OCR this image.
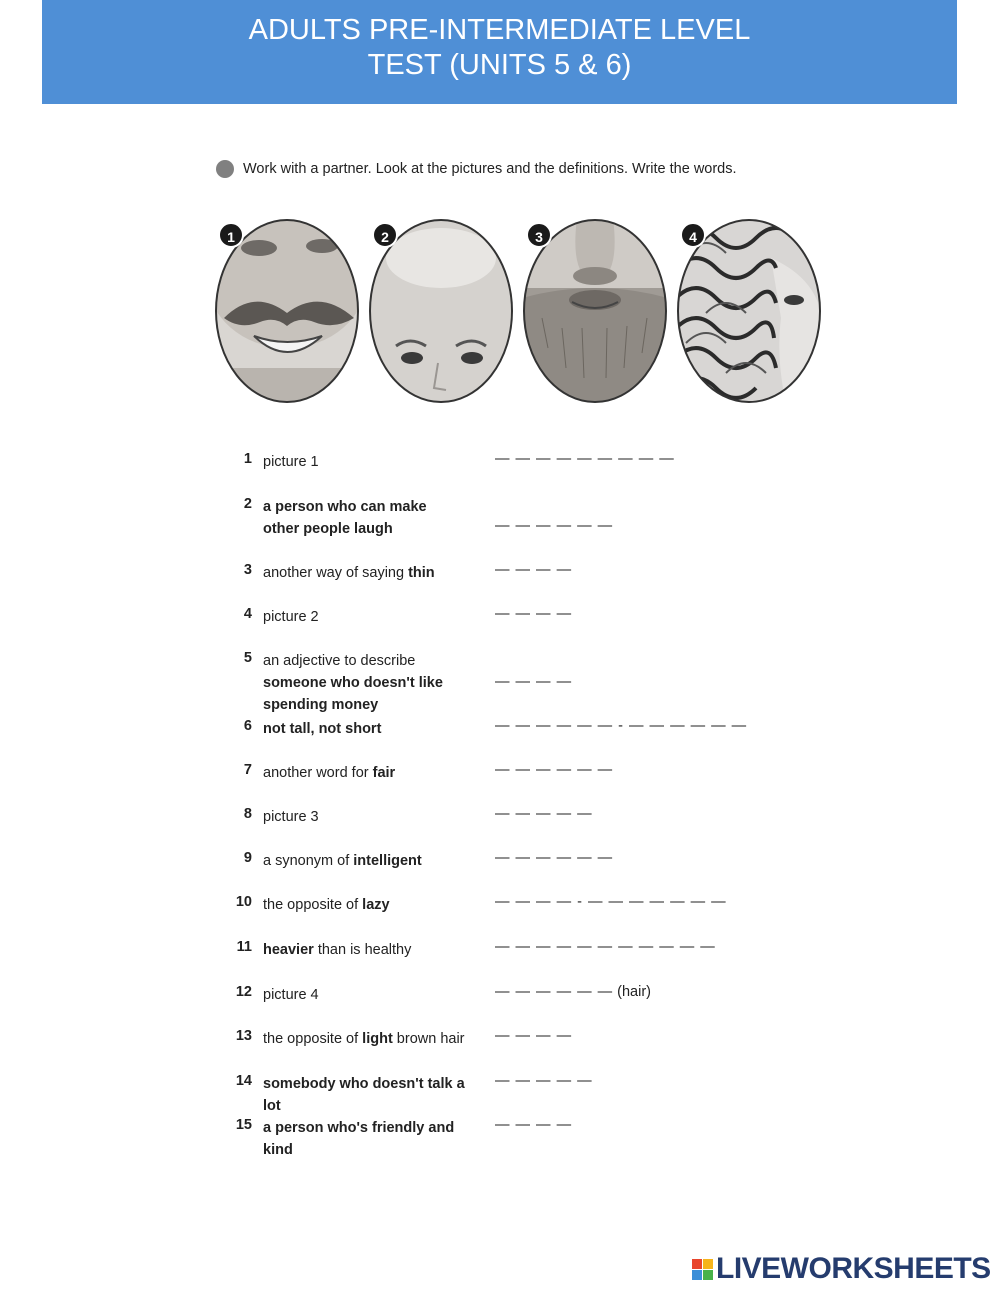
ADULTS PRE-INTERMEDIATE LEVEL
TEST (UNITS 5 & 6)
Work with a partner. Look at the pictures and the definitions. Write the words.
1	2	3	4
1 picture 1	— — — — — — — — —
2 a person who can make other people laugh	— — — — — —
3 another way of saying thin	— — — —
4 picture 2	— — — —
5 an adjective to describe someone who doesn't like spending money
— — — —
6 not tall, not short	— — — — — — - — — — — — —
7 another word for fair	— — — — — —
8 picture 3	— — — — —
9 a synonym of intelligent	— — — — — —
10 the opposite of lazy	— — — — - — — — — — — —
11 heavier than is healthy	— — — — — — — — — — —
12 picture 4	— — — — — — (hair)
13 the opposite of light brown hair	— — — —
14 somebody who doesn't talk a lot
— — — — —
15 a person who's friendly and kind
— — — —
LIVEWORKSHEETS
